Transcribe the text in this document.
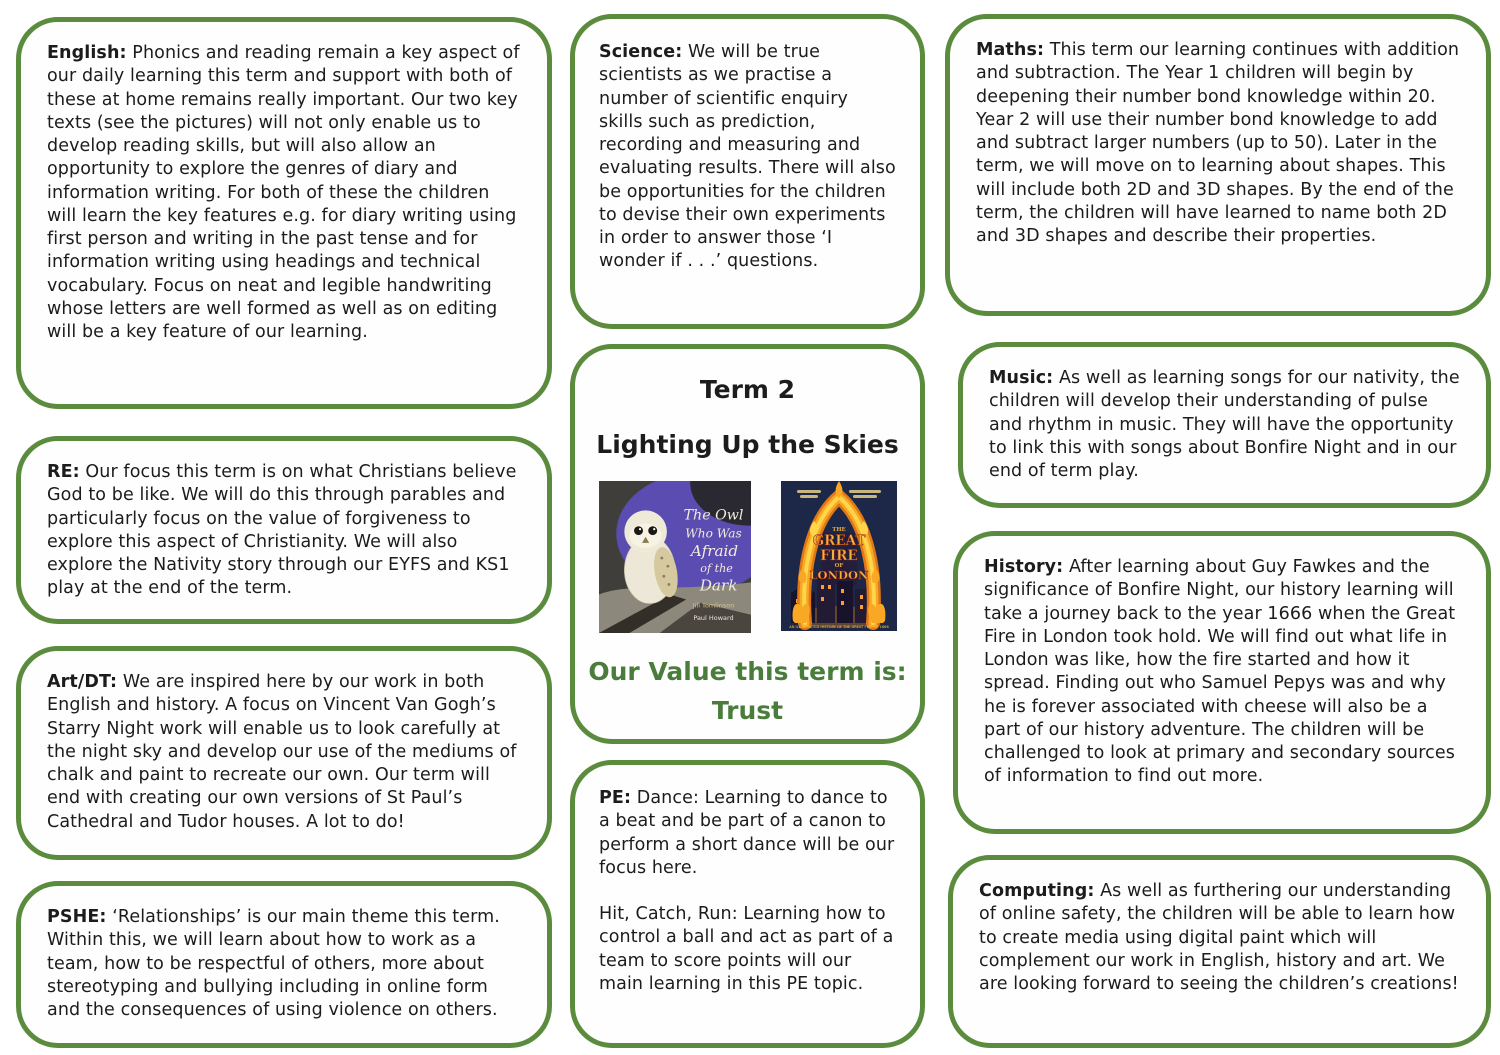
English: Phonics and reading remain a key aspect of our daily learning this term and support with both of these at home remains really important. Our two key texts (see the pictures) will not only enable us to develop reading skills, but will also allow an opportunity to explore the genres of diary and information writing. For both of these the children will learn the key features e.g. for diary writing using first person and writing in the past tense and for information writing using headings and technical vocabulary. Focus on neat and legible handwriting whose letters are well formed as well as on editing will be a key feature of our learning.

RE: Our focus this term is on what Christians believe God to be like. We will do this through parables and particularly focus on the value of forgiveness to explore this aspect of Christianity. We will also explore the Nativity story through our EYFS and KS1 play at the end of the term.

Art/DT: We are inspired here by our work in both English and history. A focus on Vincent Van Gogh’s Starry Night work will enable us to look carefully at the night sky and develop our use of the mediums of chalk and paint to recreate our own. Our term will end with creating our own versions of St Paul’s Cathedral and Tudor houses. A lot to do!

PSHE: ‘Relationships’ is our main theme this term. Within this, we will learn about how to work as a team, how to be respectful of others, more about stereotyping and bullying including in online form and the consequences of using violence on others.

Science: We will be true scientists as we practise a number of scientific enquiry skills such as prediction, recording and measuring and evaluating results. There will also be opportunities for the children to devise their own experiments in order to answer those ‘I wonder if . . .’ questions.

Term 2
Lighting Up the Skies
The Owl
Who Was
Afraid
of the
Dark
Jill Tomlinson
Paul Howard
THE
GREAT
FIRE
OF
LONDON
AN ILLUSTRATED HISTORY OF THE GREAT FIRE OF 1666
Our Value this term is:
Trust

PE: Dance: Learning to dance to a beat and be part of a canon to perform a short dance will be our focus here.

Hit, Catch, Run: Learning how to control a ball and act as part of a team to score points will our main learning in this PE topic.

Maths: This term our learning continues with addition and subtraction. The Year 1 children will begin by deepening their number bond knowledge within 20. Year 2 will use their number bond knowledge to add and subtract larger numbers (up to 50). Later in the term, we will move on to learning about shapes. This will include both 2D and 3D shapes. By the end of the term, the children will have learned to name both 2D and 3D shapes and describe their properties.

Music: As well as learning songs for our nativity, the children will develop their understanding of pulse and rhythm in music. They will have the opportunity to link this with songs about Bonfire Night and in our end of term play.

History: After learning about Guy Fawkes and the significance of Bonfire Night, our history learning will take a journey back to the year 1666 when the Great Fire in London took hold. We will find out what life in London was like, how the fire started and how it spread. Finding out who Samuel Pepys was and why he is forever associated with cheese will also be a part of our history adventure. The children will be challenged to look at primary and secondary sources of information to find out more.

Computing: As well as furthering our understanding of online safety, the children will be able to learn how to create media using digital paint which will complement our work in English, history and art. We are looking forward to seeing the children’s creations!
